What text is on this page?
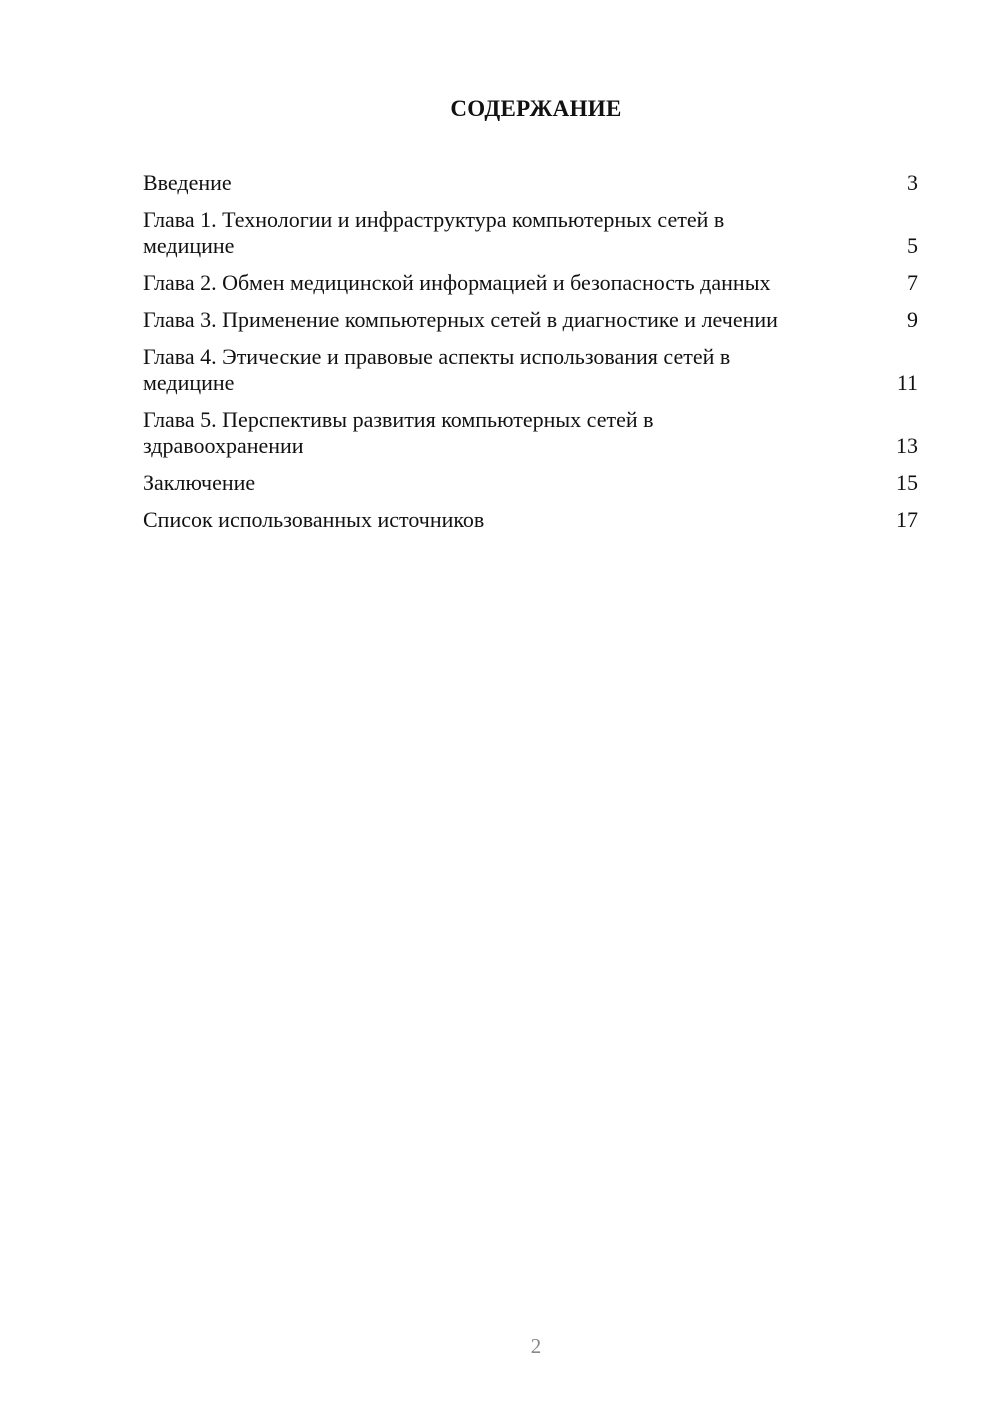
СОДЕРЖАНИЕ
Введение	3
Глава 1. Технологии и инфраструктура компьютерных сетей в медицине	5
Глава 2. Обмен медицинской информацией и безопасность данных	7
Глава 3. Применение компьютерных сетей в диагностике и лечении	9
Глава 4. Этические и правовые аспекты использования сетей в медицине	11
Глава 5. Перспективы развития компьютерных сетей в здравоохранении	13
Заключение	15
Список использованных источников	17
2
